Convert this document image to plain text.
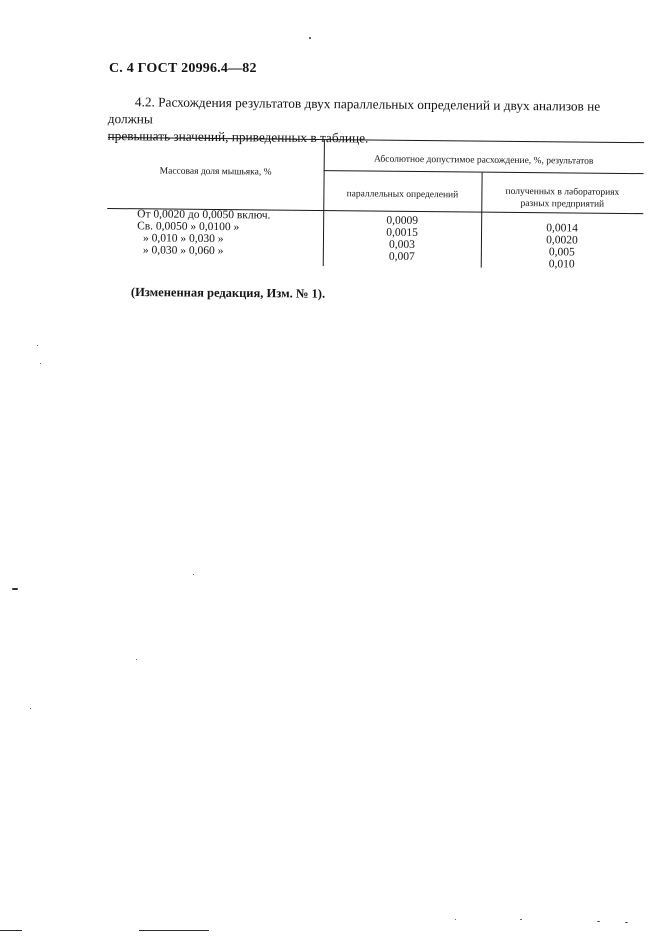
С. 4 ГОСТ 20996.4—82
4.2. Расхождения результатов двух параллельных определений и двух анализов не должны
превышать значений, приведенных в таблице.
Массовая доля мышьяка, %
Абсолютное допустимое расхождение, %, результатов
параллельных определений	полученных в лабораториях
разных предприятий
От 0,0020 до 0,0050 включ.
Св. 0,0050 » 0,0100 »
» 0,010 » 0,030 »
» 0,030 » 0,060 »
0,0009
0,0015
0,003
0,007
0,0014
0,0020
0,005
0,010
(Измененная редакция, Изм. № 1).
